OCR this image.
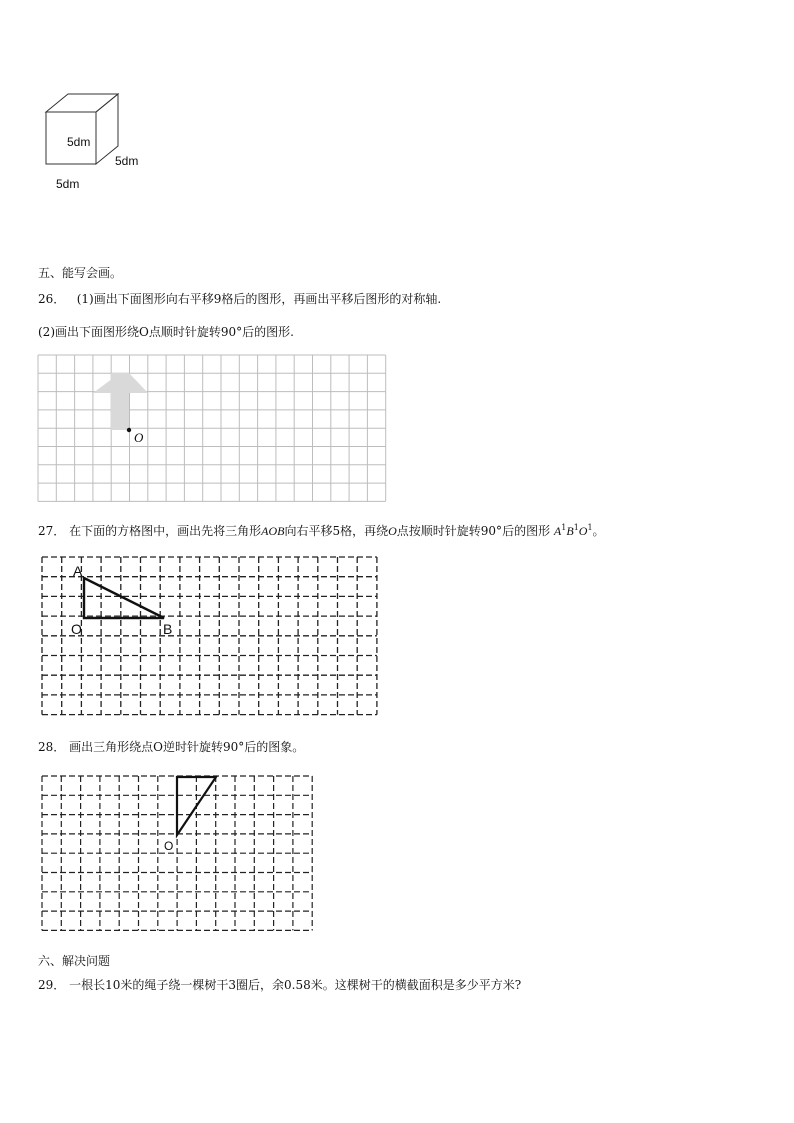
5dm
5dm
5dm
五、能写会画。
26． (1)画出下面图形向右平移9格后的图形，再画出平移后图形的对称轴.
(2)画出下面图形绕O点顺时针旋转90°后的图形.
O
27． 在下面的方格图中，画出先将三角形AOB向右平移5格，再绕O点按顺时针旋转90°后的图形 $A^1B^1O^1$。
A
O	B
28． 画出三角形绕点O逆时针旋转90°后的图象。
O
六、解决问题
29． 一根长10米的绳子绕一棵树干3圈后，余0.58米。这棵树干的横截面积是多少平方米?
